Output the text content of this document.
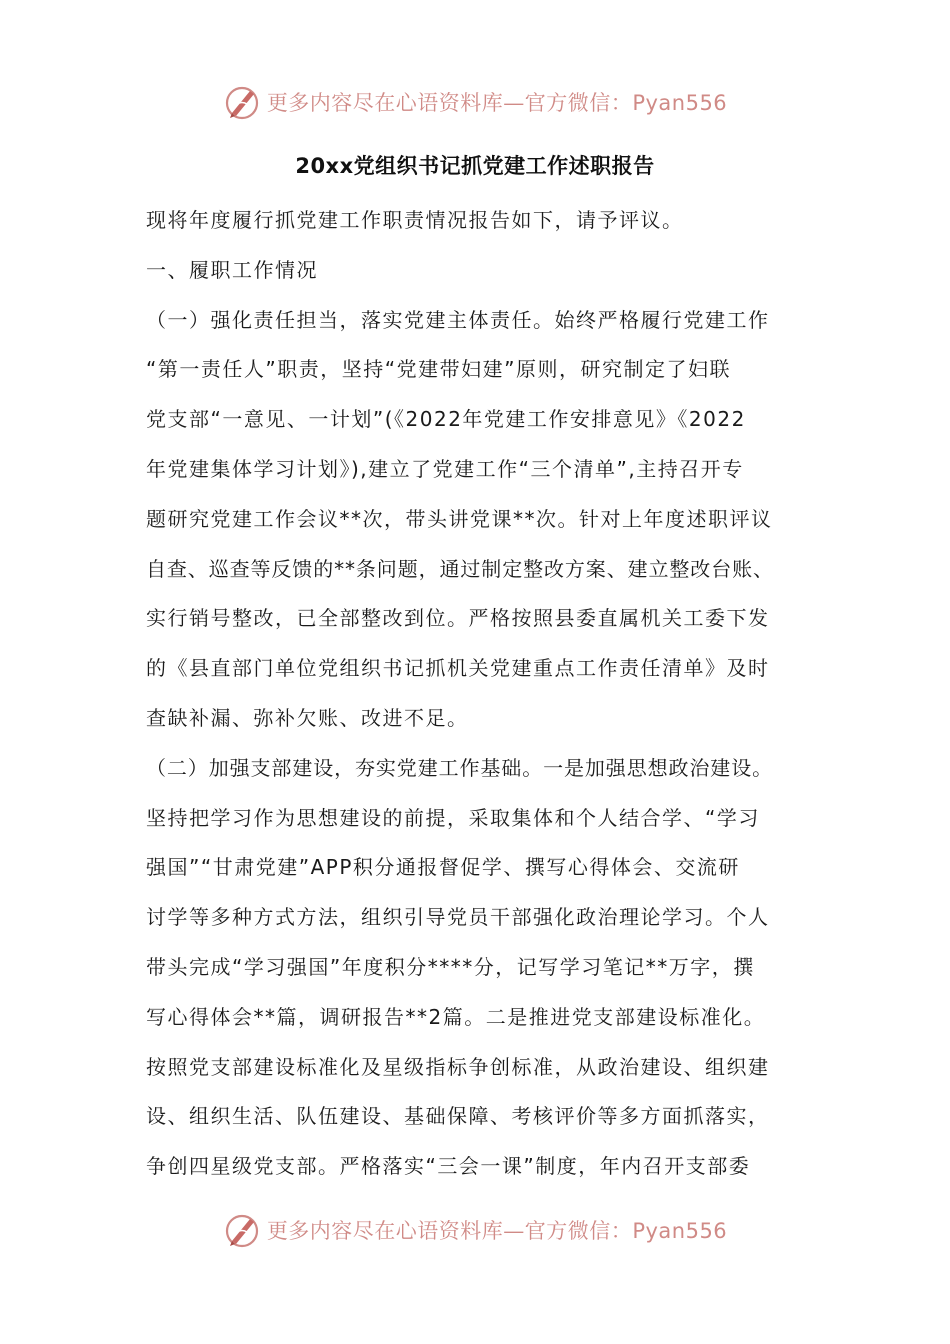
更多内容尽在心语资料库—官方微信：Pyan556
20xx党组织书记抓党建工作述职报告
现将年度履行抓党建工作职责情况报告如下，请予评议。
一、履职工作情况
（一）强化责任担当，落实党建主体责任。始终严格履行党建工作
“第一责任人”职责，坚持“党建带妇建”原则，研究制定了妇联
党支部“一意见、一计划”(《2022年党建工作安排意见》《2022
年党建集体学习计划》),建立了党建工作“三个清单”,主持召开专
题研究党建工作会议**次，带头讲党课**次。针对上年度述职评议
自查、巡查等反馈的**条问题，通过制定整改方案、建立整改台账、
实行销号整改，已全部整改到位。严格按照县委直属机关工委下发
的《县直部门单位党组织书记抓机关党建重点工作责任清单》及时
查缺补漏、弥补欠账、改进不足。
（二）加强支部建设，夯实党建工作基础。一是加强思想政治建设。
坚持把学习作为思想建设的前提，采取集体和个人结合学、“学习
强国”“甘肃党建”APP积分通报督促学、撰写心得体会、交流研
讨学等多种方式方法，组织引导党员干部强化政治理论学习。个人
带头完成“学习强国”年度积分****分，记写学习笔记**万字，撰
写心得体会**篇，调研报告**2篇。二是推进党支部建设标准化。
按照党支部建设标准化及星级指标争创标准，从政治建设、组织建
设、组织生活、队伍建设、基础保障、考核评价等多方面抓落实，
争创四星级党支部。严格落实“三会一课”制度，年内召开支部委
更多内容尽在心语资料库—官方微信：Pyan556
